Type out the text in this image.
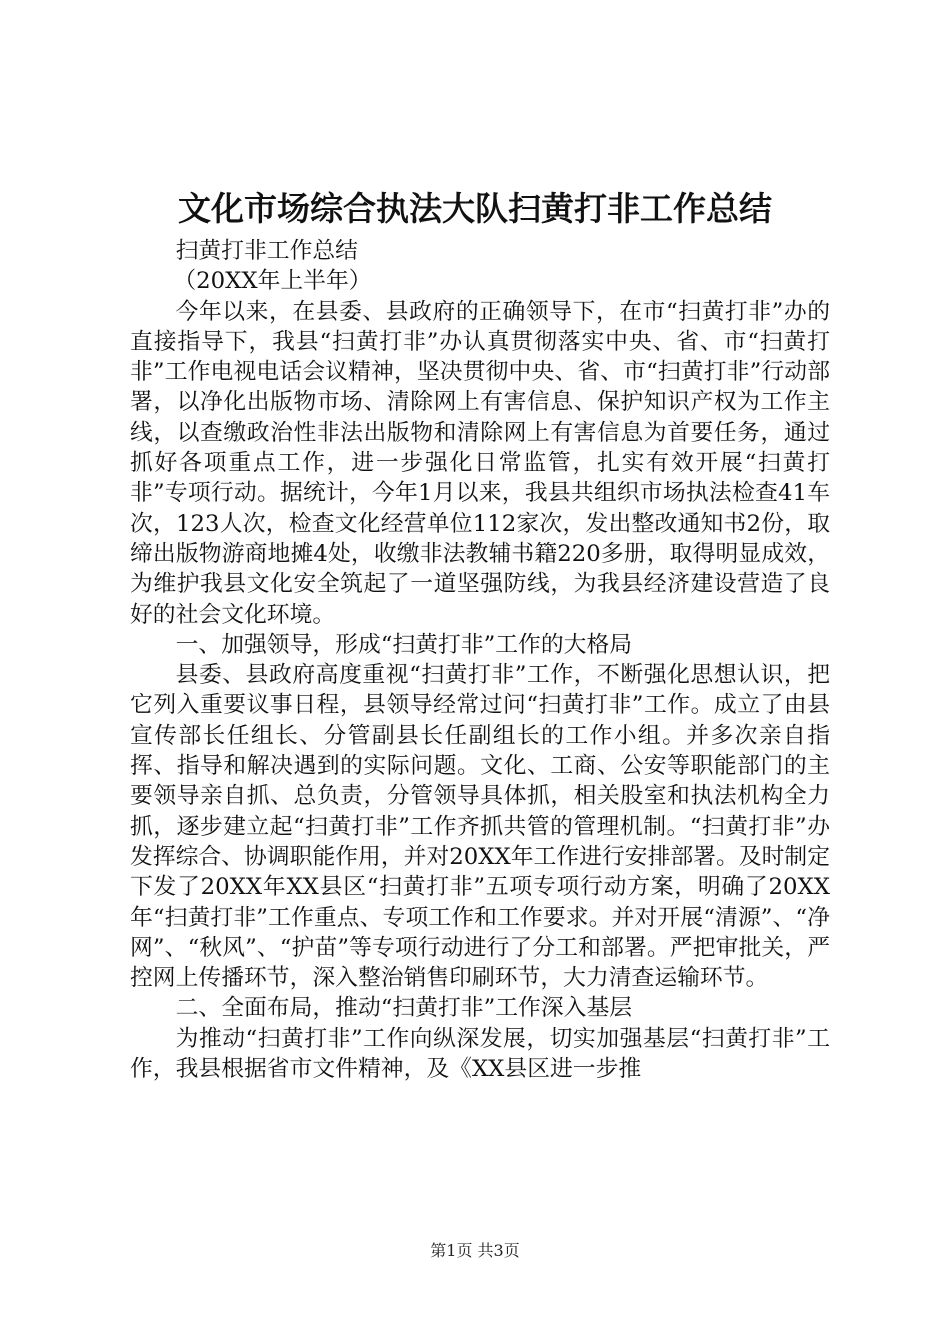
文化市场综合执法大队扫黄打非工作总结

扫黄打非工作总结

（20XX年上半年）

今年以来，在县委、县政府的正确领导下，在市“扫黄打非”办的直接指导下，我县“扫黄打非”办认真贯彻落实中央、省、市“扫黄打非”工作电视电话会议精神，坚决贯彻中央、省、市“扫黄打非”行动部署，以净化出版物市场、清除网上有害信息、保护知识产权为工作主线，以查缴政治性非法出版物和清除网上有害信息为首要任务，通过抓好各项重点工作，进一步强化日常监管，扎实有效开展“扫黄打非”专项行动。据统计，今年1月以来，我县共组织市场执法检查41车次，123人次，检查文化经营单位112家次，发出整改通知书2份，取缔出版物游商地摊4处，收缴非法教辅书籍220多册，取得明显成效，为维护我县文化安全筑起了一道坚强防线，为我县经济建设营造了良好的社会文化环境。

一、加强领导，形成“扫黄打非”工作的大格局

县委、县政府高度重视“扫黄打非”工作，不断强化思想认识，把它列入重要议事日程，县领导经常过问“扫黄打非”工作。成立了由县宣传部长任组长、分管副县长任副组长的工作小组。并多次亲自指挥、指导和解决遇到的实际问题。文化、工商、公安等职能部门的主要领导亲自抓、总负责，分管领导具体抓，相关股室和执法机构全力抓，逐步建立起“扫黄打非”工作齐抓共管的管理机制。“扫黄打非”办发挥综合、协调职能作用，并对20XX年工作进行安排部署。及时制定下发了20XX年XX县区“扫黄打非”五项专项行动方案，明确了20XX年“扫黄打非”工作重点、专项工作和工作要求。并对开展“清源”、“净网”、“秋风”、“护苗”等专项行动进行了分工和部署。严把审批关，严控网上传播环节，深入整治销售印刷环节，大力清查运输环节。

二、全面布局，推动“扫黄打非”工作深入基层

为推动“扫黄打非”工作向纵深发展，切实加强基层“扫黄打非”工作，我县根据省市文件精神，及《XX县区进一步推

第1页 共3页
